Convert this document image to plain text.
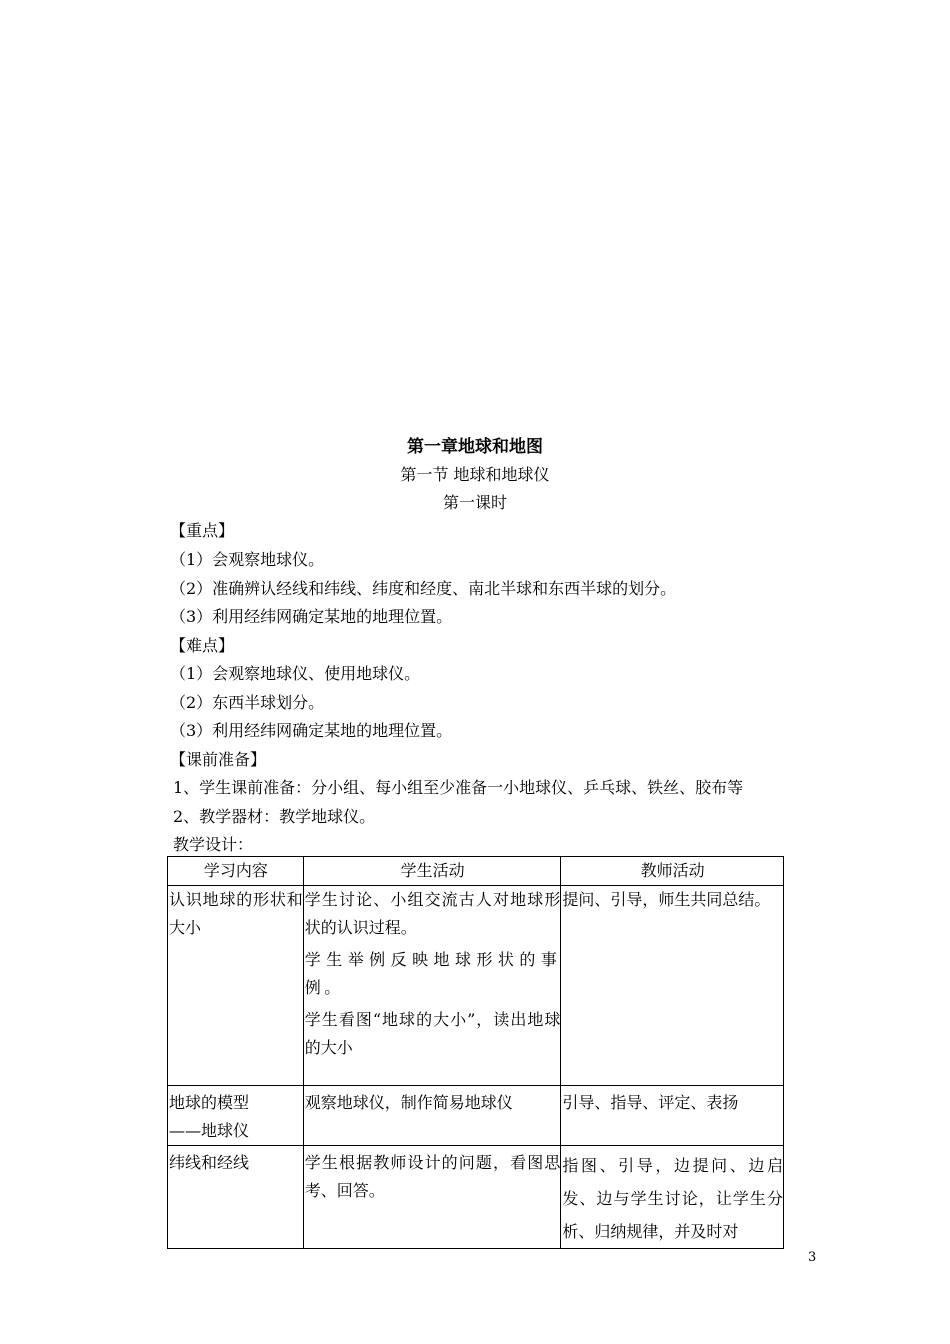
第一章地球和地图
第一节 地球和地球仪
第一课时
【重点】
（1）会观察地球仪。
（2）准确辨认经线和纬线、纬度和经度、南北半球和东西半球的划分。
（3）利用经纬网确定某地的地理位置。
【难点】
（1）会观察地球仪、使用地球仪。
（2）东西半球划分。
（3）利用经纬网确定某地的地理位置。
【课前准备】
1、学生课前准备：分小组、每小组至少准备一小地球仪、乒乓球、铁丝、胶布等
2、教学器材：教学地球仪。
教学设计：
学习内容	学生活动	教师活动

认识地球的形状和大小	学生讨论、小组交流古人对地球形状的认识过程。

学生举例反映地球形状的事例。

学生看图“地球的大小”，读出地球的大小	提问、引导，师生共同总结。

地球的模型

——地球仪	观察地球仪，制作简易地球仪	引导、指导、评定、表扬

纬线和经线	学生根据教师设计的问题，看图思考、回答。	指图、引导，边提问、边启发、边与学生讨论，让学生分析、归纳规律，并及时对

3
